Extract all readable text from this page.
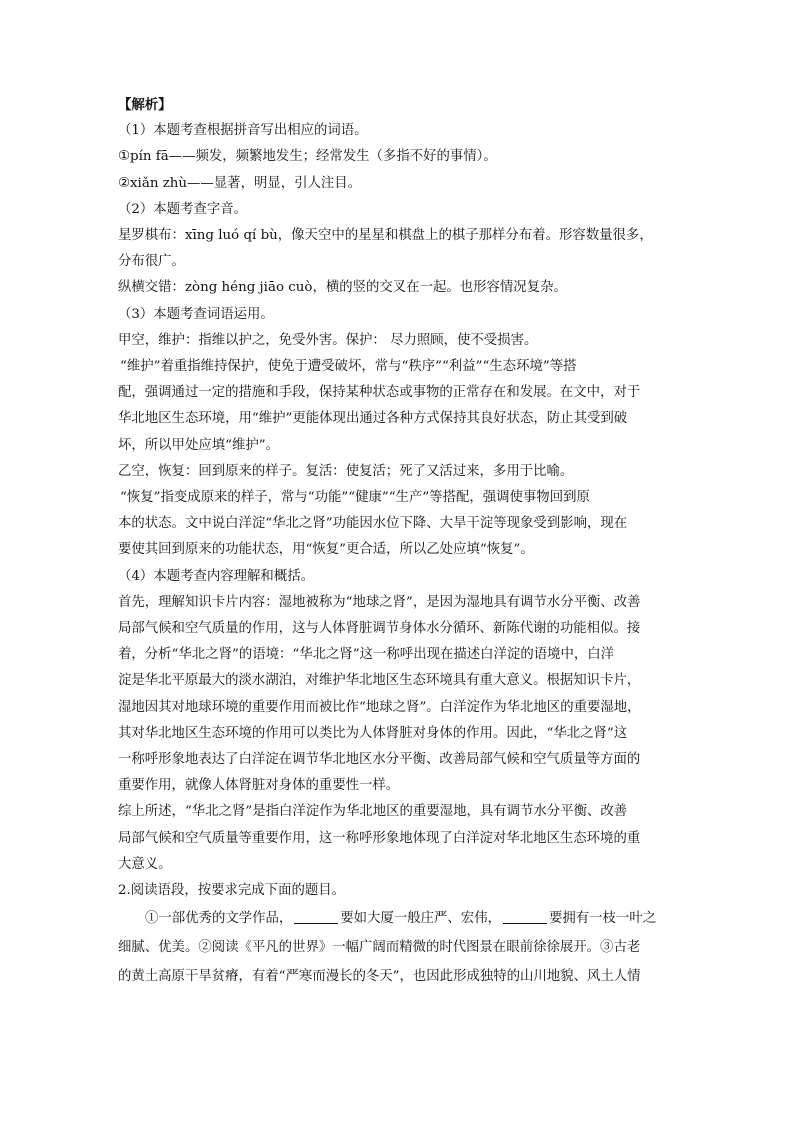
【解析】
（1）本题考查根据拼音写出相应的词语。
①pín fā——频发，频繁地发生；经常发生（多指不好的事情）。
②xiǎn zhù——显著，明显，引人注目。
（2）本题考查字音。
星罗棋布：xīng luó qí bù，像天空中的星星和棋盘上的棋子那样分布着。形容数量很多，
分布很广。
纵横交错：zòng héng jiāo cuò，横的竖的交叉在一起。也形容情况复杂。
（3）本题考查词语运用。
甲空，维护：指维以护之，免受外害。保护： 尽力照顾，使不受损害。
“维护”着重指维持保护，使免于遭受破坏，常与“秩序”“利益”“生态环境”等搭
配，强调通过一定的措施和手段，保持某种状态或事物的正常存在和发展。在文中，对于
华北地区生态环境，用“维护”更能体现出通过各种方式保持其良好状态，防止其受到破
坏，所以甲处应填“维护”。
乙空，恢复：回到原来的样子。复活：使复活；死了又活过来，多用于比喻。
“恢复”指变成原来的样子，常与“功能”“健康”“生产”等搭配，强调使事物回到原
本的状态。文中说白洋淀“华北之肾”功能因水位下降、大旱干淀等现象受到影响，现在
要使其回到原来的功能状态，用“恢复”更合适，所以乙处应填“恢复”。
（4）本题考查内容理解和概括。
首先，理解知识卡片内容：湿地被称为“地球之肾”，是因为湿地具有调节水分平衡、改善
局部气候和空气质量的作用，这与人体肾脏调节身体水分循环、新陈代谢的功能相似。接
着，分析“华北之肾”的语境：“华北之肾”这一称呼出现在描述白洋淀的语境中，白洋
淀是华北平原最大的淡水湖泊，对维护华北地区生态环境具有重大意义。根据知识卡片，
湿地因其对地球环境的重要作用而被比作“地球之肾”。白洋淀作为华北地区的重要湿地，
其对华北地区生态环境的作用可以类比为人体肾脏对身体的作用。因此，“华北之肾”这
一称呼形象地表达了白洋淀在调节华北地区水分平衡、改善局部气候和空气质量等方面的
重要作用，就像人体肾脏对身体的重要性一样。
综上所述，“华北之肾”是指白洋淀作为华北地区的重要湿地，具有调节水分平衡、改善
局部气候和空气质量等重要作用，这一称呼形象地体现了白洋淀对华北地区生态环境的重
大意义。
2.阅读语段，按要求完成下面的题目。
①一部优秀的文学作品，	要如大厦一般庄严、宏伟，	要拥有一枝一叶之
细腻、优美。②阅读《平凡的世界》一幅广阔而精微的时代图景在眼前徐徐展开。③古老
的黄土高原干旱贫瘠，有着“严寒而漫长的冬天”，也因此形成独特的山川地貌、风土人情
